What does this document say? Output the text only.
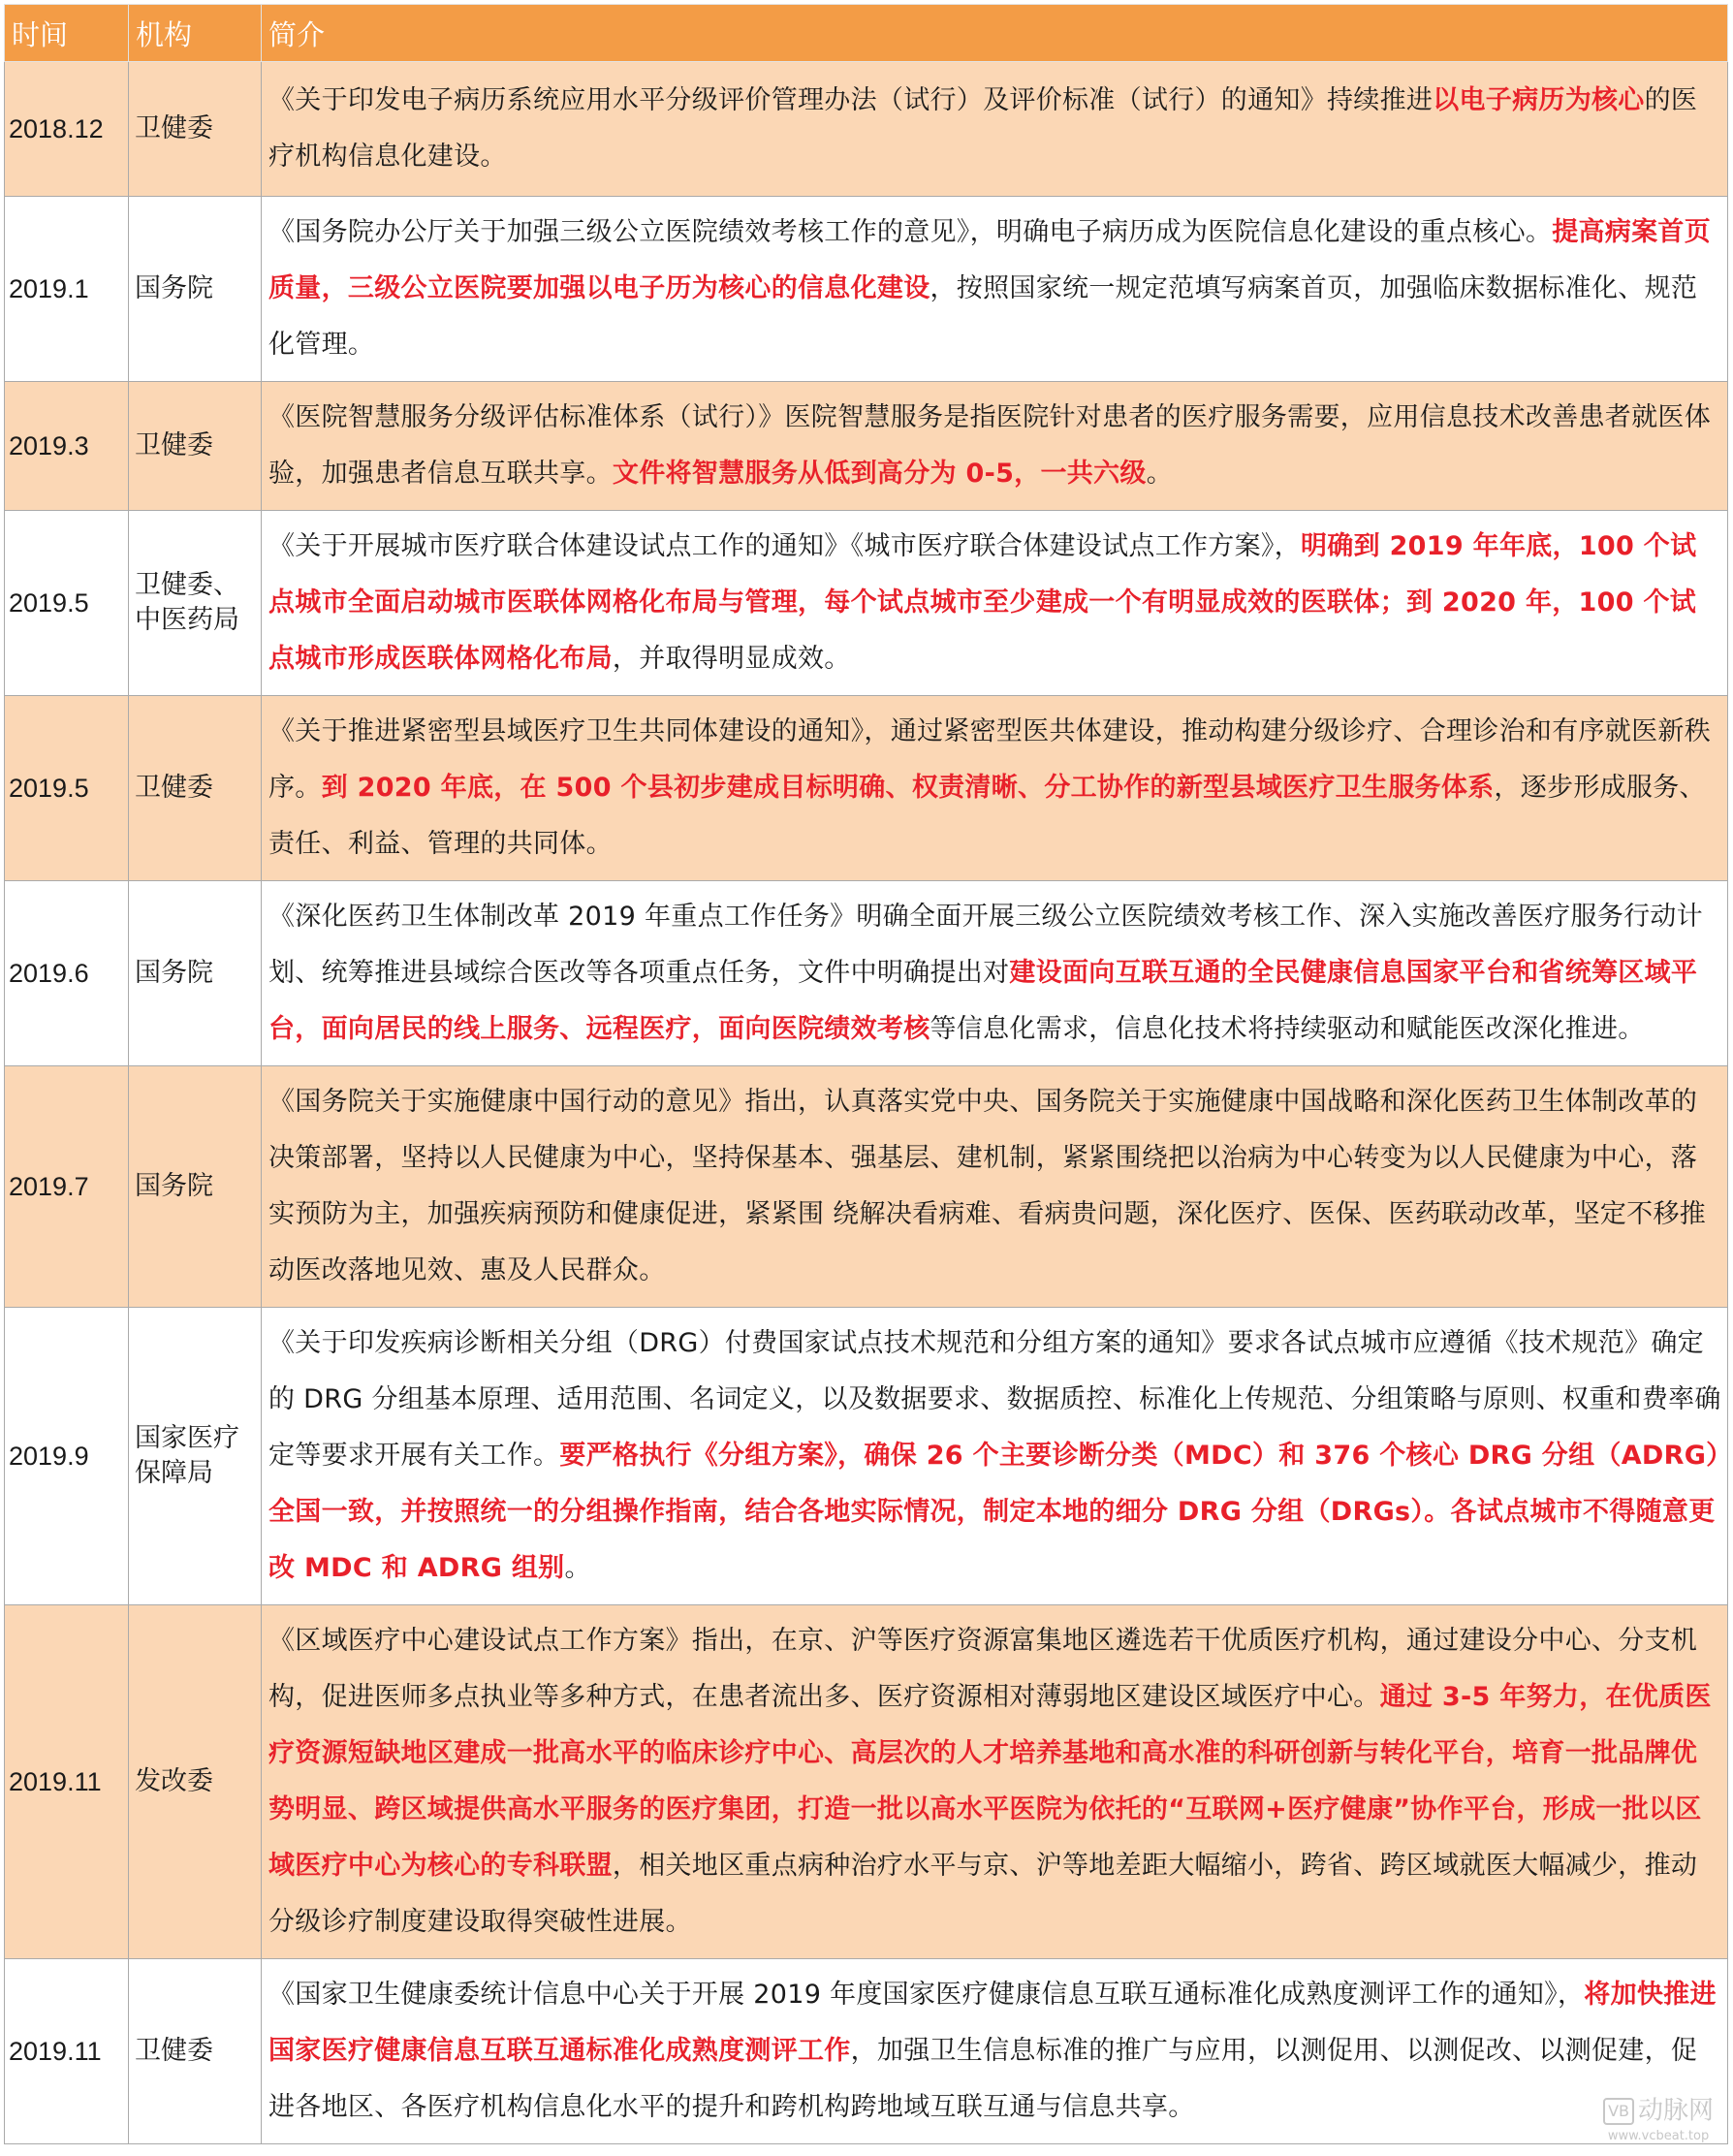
时间	机构	简介
2018.12	卫健委	《关于印发电子病历系统应用水平分级评价管理办法（试行）及评价标准（试行）的通知》持续推进以电子病历为核心的医疗机构信息化建设。
2019.1	国务院	《国务院办公厅关于加强三级公立医院绩效考核工作的意见》，明确电子病历成为医院信息化建设的重点核心。提高病案首页质量，三级公立医院要加强以电子历为核心的信息化建设，按照国家统一规定范填写病案首页，加强临床数据标准化、规范化管理。
2019.3	卫健委	《医院智慧服务分级评估标准体系（试行）》医院智慧服务是指医院针对患者的医疗服务需要，应用信息技术改善患者就医体验，加强患者信息互联共享。文件将智慧服务从低到高分为 0-5，一共六级。
2019.5	卫健委、中医药局	《关于开展城市医疗联合体建设试点工作的通知》《城市医疗联合体建设试点工作方案》，明确到 2019 年年底，100 个试点城市全面启动城市医联体网格化布局与管理，每个试点城市至少建成一个有明显成效的医联体；到 2020 年，100 个试点城市形成医联体网格化布局，并取得明显成效。
2019.5	卫健委	《关于推进紧密型县域医疗卫生共同体建设的通知》，通过紧密型医共体建设，推动构建分级诊疗、合理诊治和有序就医新秩序。到 2020 年底，在 500 个县初步建成目标明确、权责清晰、分工协作的新型县域医疗卫生服务体系，逐步形成服务、责任、利益、管理的共同体。
2019.6	国务院	《深化医药卫生体制改革 2019 年重点工作任务》明确全面开展三级公立医院绩效考核工作、深入实施改善医疗服务行动计划、统筹推进县域综合医改等各项重点任务，文件中明确提出对建设面向互联互通的全民健康信息国家平台和省统筹区域平台，面向居民的线上服务、远程医疗，面向医院绩效考核等信息化需求，信息化技术将持续驱动和赋能医改深化推进。
2019.7	国务院	《国务院关于实施健康中国行动的意见》指出，认真落实党中央、国务院关于实施健康中国战略和深化医药卫生体制改革的决策部署，坚持以人民健康为中心，坚持保基本、强基层、建机制，紧紧围绕把以治病为中心转变为以人民健康为中心，落实预防为主，加强疾病预防和健康促进，紧紧围 绕解决看病难、看病贵问题，深化医疗、医保、医药联动改革，坚定不移推动医改落地见效、惠及人民群众。
2019.9	国家医疗保障局	《关于印发疾病诊断相关分组（DRG）付费国家试点技术规范和分组方案的通知》要求各试点城市应遵循《技术规范》确定的 DRG 分组基本原理、适用范围、名词定义，以及数据要求、数据质控、标准化上传规范、分组策略与原则、权重和费率确定等要求开展有关工作。要严格执行《分组方案》，确保 26 个主要诊断分类（MDC）和 376 个核心 DRG 分组（ADRG）全国一致，并按照统一的分组操作指南，结合各地实际情况，制定本地的细分 DRG 分组（DRGs）。各试点城市不得随意更改 MDC 和 ADRG 组别。
2019.11	发改委	《区域医疗中心建设试点工作方案》指出，在京、沪等医疗资源富集地区遴选若干优质医疗机构，通过建设分中心、分支机构，促进医师多点执业等多种方式，在患者流出多、医疗资源相对薄弱地区建设区域医疗中心。通过 3-5 年努力，在优质医疗资源短缺地区建成一批高水平的临床诊疗中心、高层次的人才培养基地和高水准的科研创新与转化平台，培育一批品牌优势明显、跨区域提供高水平服务的医疗集团，打造一批以高水平医院为依托的“互联网+医疗健康”协作平台，形成一批以区域医疗中心为核心的专科联盟，相关地区重点病种治疗水平与京、沪等地差距大幅缩小，跨省、跨区域就医大幅减少，推动分级诊疗制度建设取得突破性进展。
2019.11	卫健委	《国家卫生健康委统计信息中心关于开展 2019 年度国家医疗健康信息互联互通标准化成熟度测评工作的通知》，将加快推进国家医疗健康信息互联互通标准化成熟度测评工作，加强卫生信息标准的推广与应用，以测促用、以测促改、以测促建，促进各地区、各医疗机构信息化水平的提升和跨机构跨地域互联互通与信息共享。	VB 动脉网
www.vcbeat.top
